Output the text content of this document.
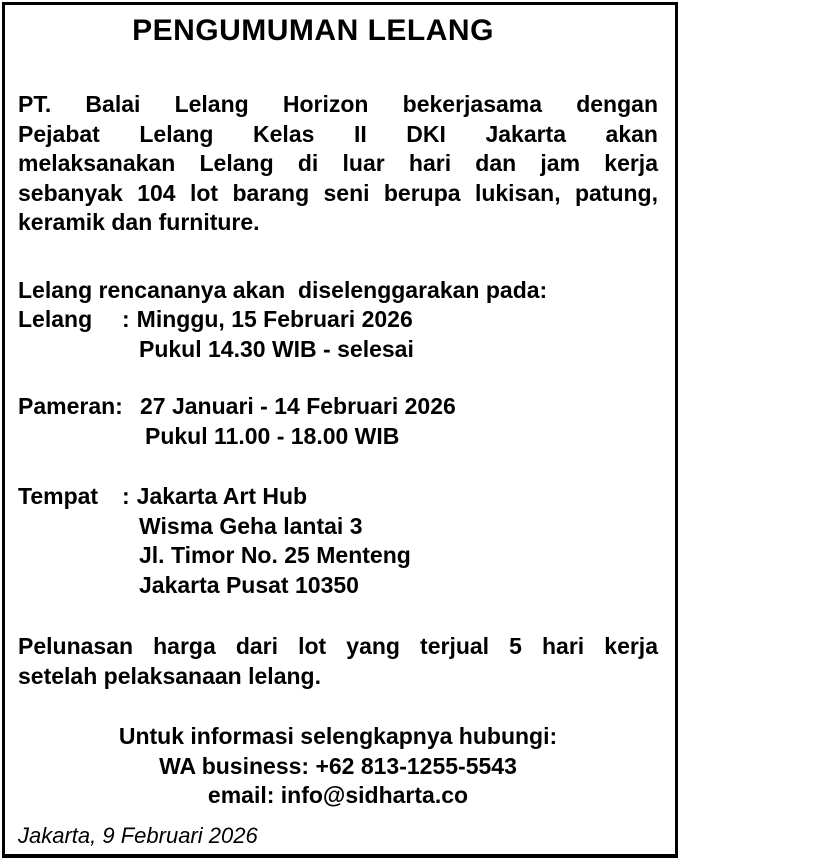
PENGUMUMAN LELANG
PT. Balai Lelang Horizon bekerjasama dengan
Pejabat Lelang Kelas II DKI Jakarta akan
melaksanakan Lelang di luar hari dan jam kerja
sebanyak 104 lot barang seni berupa lukisan, patung,
keramik dan furniture.
Lelang rencananya akan  diselenggarakan pada:
Lelang : Minggu, 15 Februari 2026
Pukul 14.30 WIB - selesai
Pameran: 27 Januari - 14 Februari 2026
Pukul 11.00 - 18.00 WIB
Tempat : Jakarta Art Hub
Wisma Geha lantai 3
Jl. Timor No. 25 Menteng
Jakarta Pusat 10350
Pelunasan harga dari lot yang terjual 5 hari kerja
setelah pelaksanaan lelang.
Untuk informasi selengkapnya hubungi:
WA business: +62 813-1255-5543
email: info@sidharta.co
Jakarta, 9 Februari 2026
